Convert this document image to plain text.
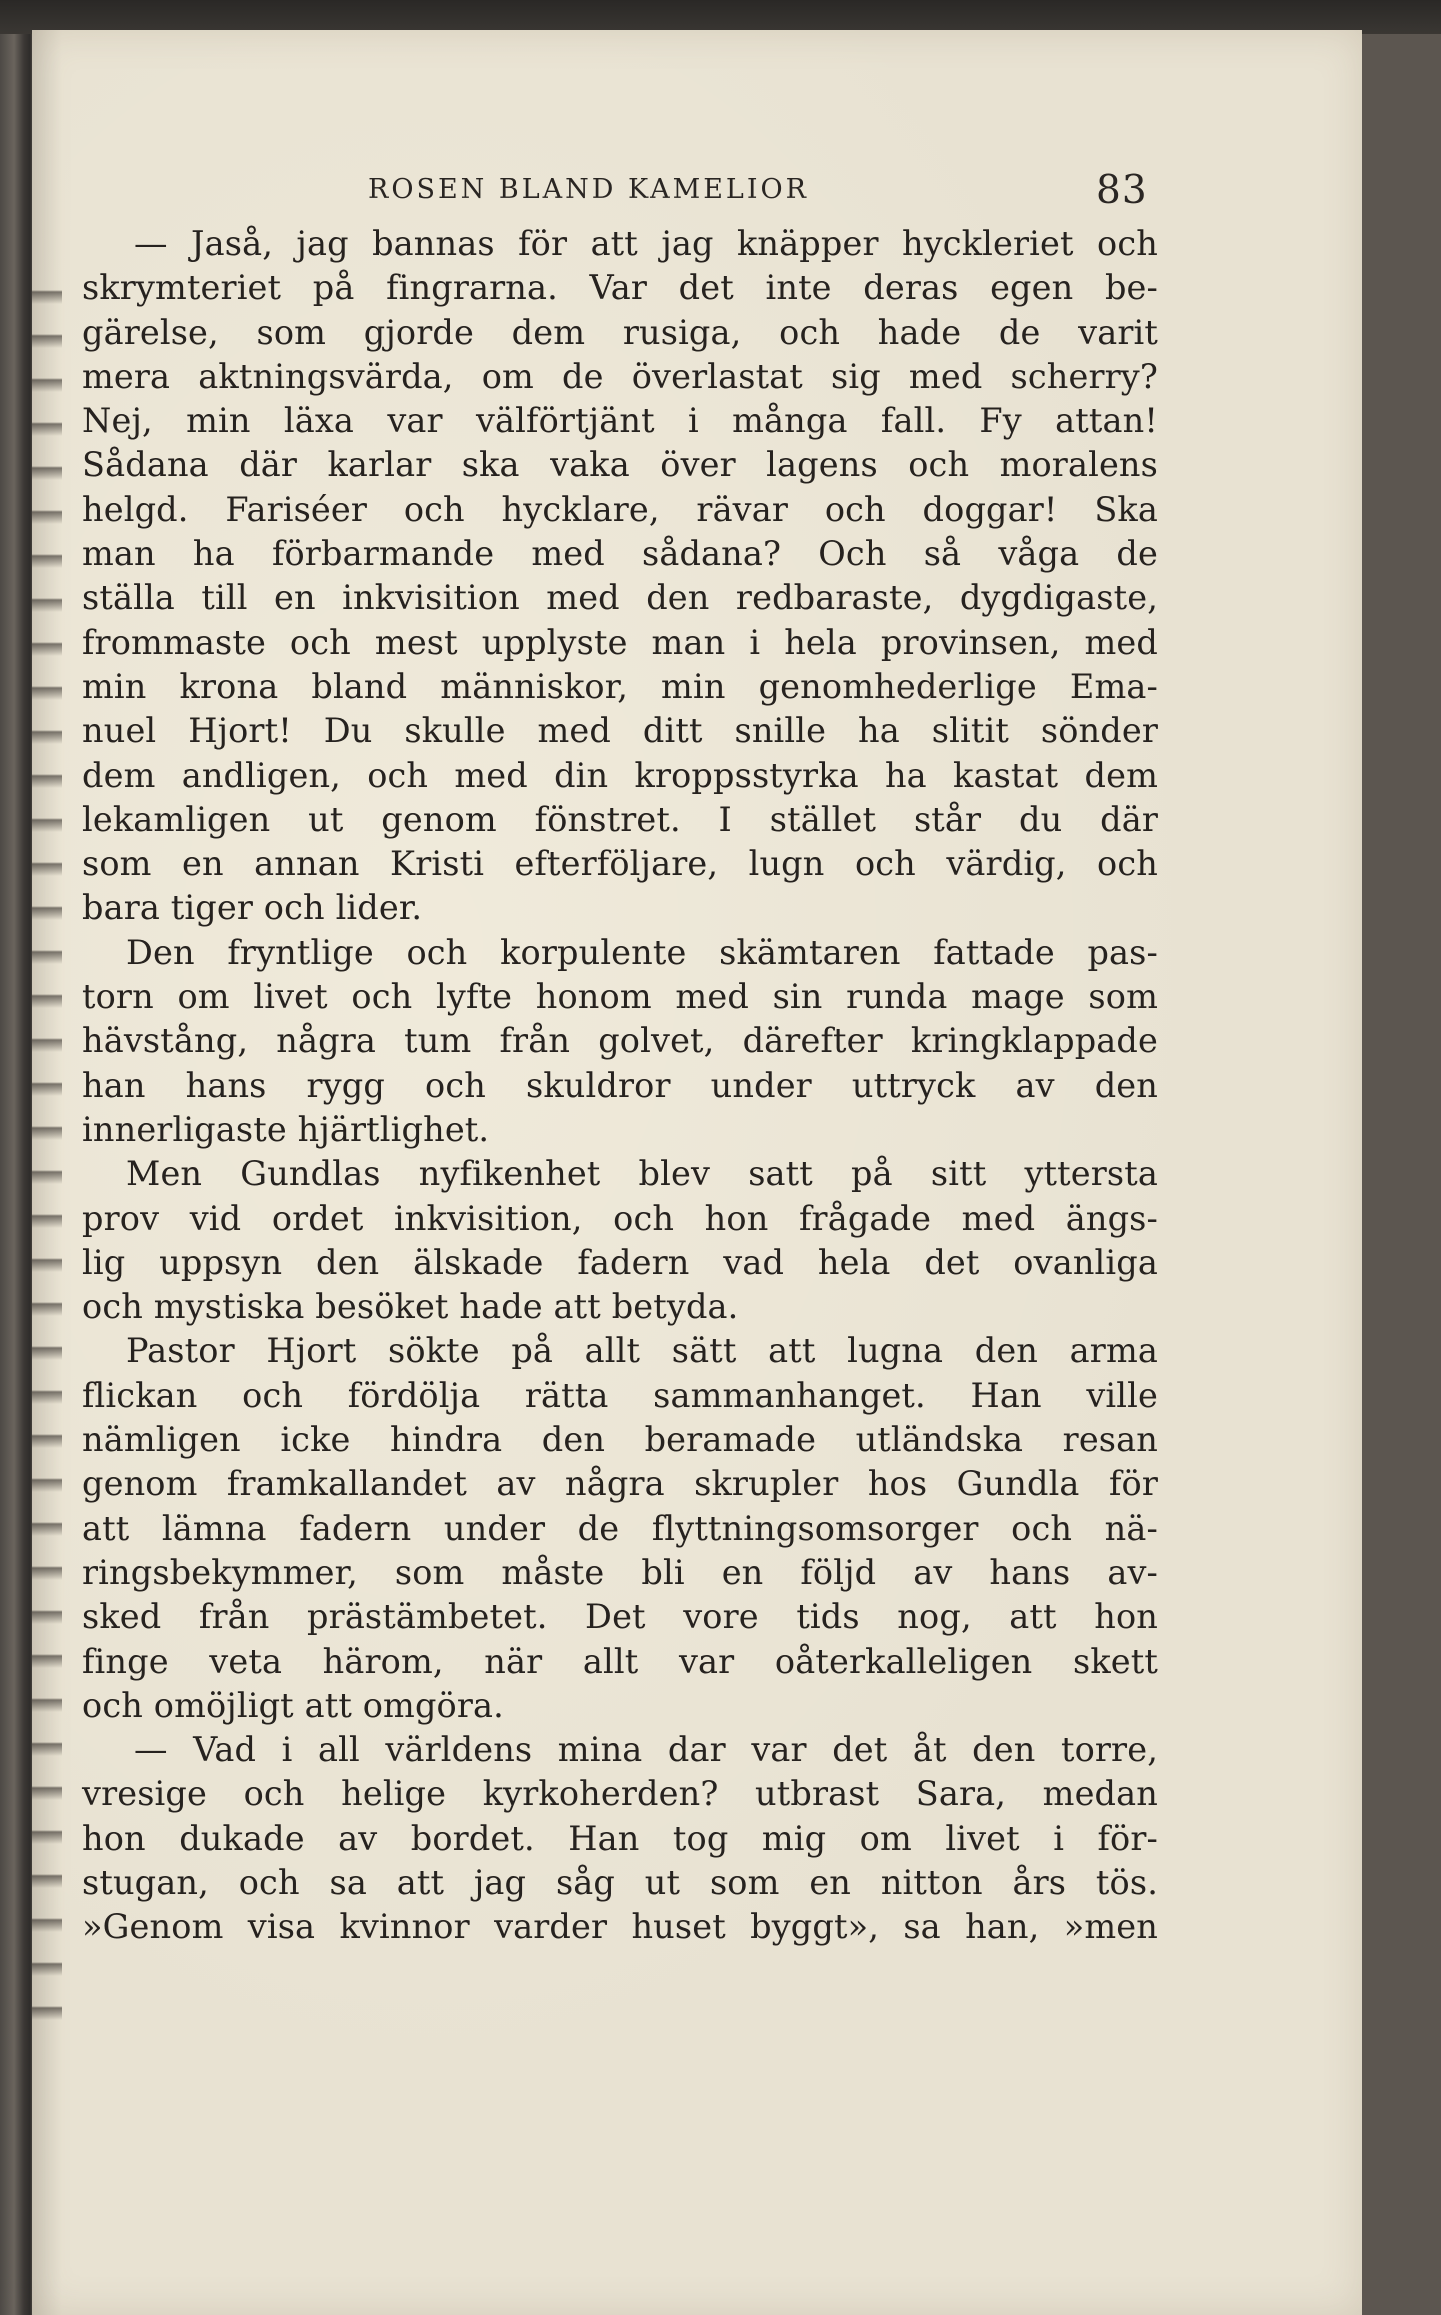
ROSEN BLAND KAMELIOR	83
— Jaså, jag bannas för att jag knäpper hyckleriet och
skrymteriet på fingrarna. Var det inte deras egen be-
gärelse, som gjorde dem rusiga, och hade de varit
mera aktningsvärda, om de överlastat sig med scherry?
Nej, min läxa var välförtjänt i många fall. Fy attan!
Sådana där karlar ska vaka över lagens och moralens
helgd. Fariséer och hycklare, rävar och doggar! Ska
man ha förbarmande med sådana? Och så våga de
ställa till en inkvisition med den redbaraste, dygdigaste,
frommaste och mest upplyste man i hela provinsen, med
min krona bland människor, min genomhederlige Ema-
nuel Hjort! Du skulle med ditt snille ha slitit sönder
dem andligen, och med din kroppsstyrka ha kastat dem
lekamligen ut genom fönstret. I stället står du där
som en annan Kristi efterföljare, lugn och värdig, och
bara tiger och lider.
Den fryntlige och korpulente skämtaren fattade pas-
torn om livet och lyfte honom med sin runda mage som
hävstång, några tum från golvet, därefter kringklappade
han hans rygg och skuldror under uttryck av den
innerligaste hjärtlighet.
Men Gundlas nyfikenhet blev satt på sitt yttersta
prov vid ordet inkvisition, och hon frågade med ängs-
lig uppsyn den älskade fadern vad hela det ovanliga
och mystiska besöket hade att betyda.
Pastor Hjort sökte på allt sätt att lugna den arma
flickan och fördölja rätta sammanhanget. Han ville
nämligen icke hindra den beramade utländska resan
genom framkallandet av några skrupler hos Gundla för
att lämna fadern under de flyttningsomsorger och nä-
ringsbekymmer, som måste bli en följd av hans av-
sked från prästämbetet. Det vore tids nog, att hon
finge veta härom, när allt var oåterkalleligen skett
och omöjligt att omgöra.
— Vad i all världens mina dar var det åt den torre,
vresige och helige kyrkoherden? utbrast Sara, medan
hon dukade av bordet. Han tog mig om livet i för-
stugan, och sa att jag såg ut som en nitton års tös.
»Genom visa kvinnor varder huset byggt», sa han, »men
